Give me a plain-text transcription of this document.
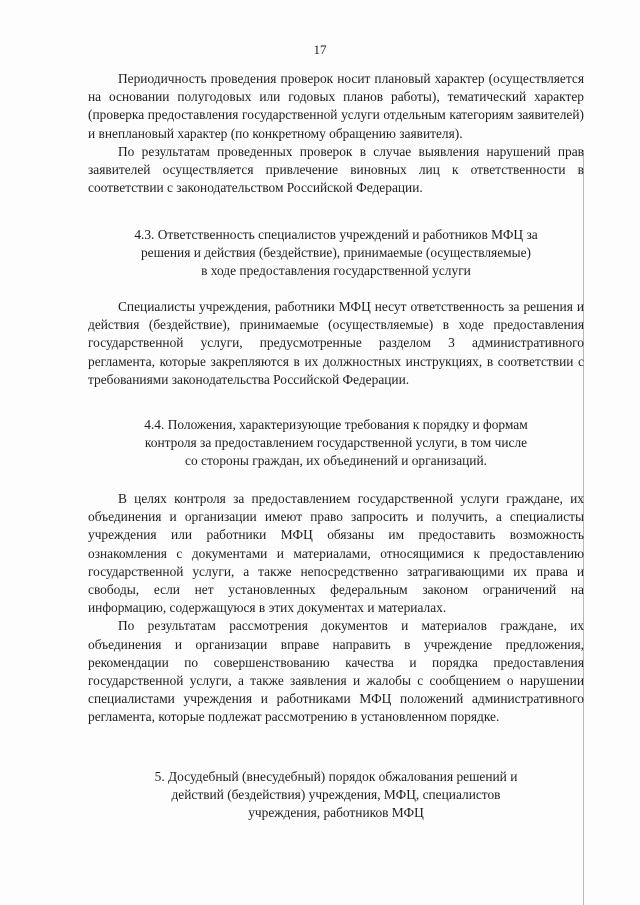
17

Периодичность проведения проверок носит плановый характер (осуществляется на основании полугодовых или годовых планов работы), тематический характер (проверка предоставления государственной услуги отдельным категориям заявителей) и внеплановый характер (по конкретному обращению заявителя).

По результатам проведенных проверок в случае выявления нарушений прав заявителей осуществляется привлечение виновных лиц к ответственности в соответствии с законодательством Российской Федерации.

4.3. Ответственность специалистов учреждений и работников МФЦ за
решения и действия (бездействие), принимаемые (осуществляемые)
в ходе предоставления государственной услуги

Специалисты учреждения, работники МФЦ несут ответственность за решения и действия (бездействие), принимаемые (осуществляемые) в ходе предоставления государственной услуги, предусмотренные разделом 3 административного регламента, которые закрепляются в их должностных инструкциях, в соответствии с требованиями законодательства Российской Федерации.

4.4. Положения, характеризующие требования к порядку и формам
контроля за предоставлением государственной услуги, в том числе
со стороны граждан, их объединений и организаций.

В целях контроля за предоставлением государственной услуги граждане, их объединения и организации имеют право запросить и получить, а специалисты учреждения или работники МФЦ обязаны им предоставить возможность ознакомления с документами и материалами, относящимися к предоставлению государственной услуги, а также непосредственно затрагивающими их права и свободы, если нет установленных федеральным законом ограничений на информацию, содержащуюся в этих документах и материалах.

По результатам рассмотрения документов и материалов граждане, их объединения и организации вправе направить в учреждение предложения, рекомендации по совершенствованию качества и порядка предоставления государственной услуги, а также заявления и жалобы с сообщением о нарушении специалистами учреждения и работниками МФЦ положений административного регламента, которые подлежат рассмотрению в установленном порядке.

5. Досудебный (внесудебный) порядок обжалования решений и
действий (бездействия) учреждения, МФЦ, специалистов
учреждения, работников МФЦ
